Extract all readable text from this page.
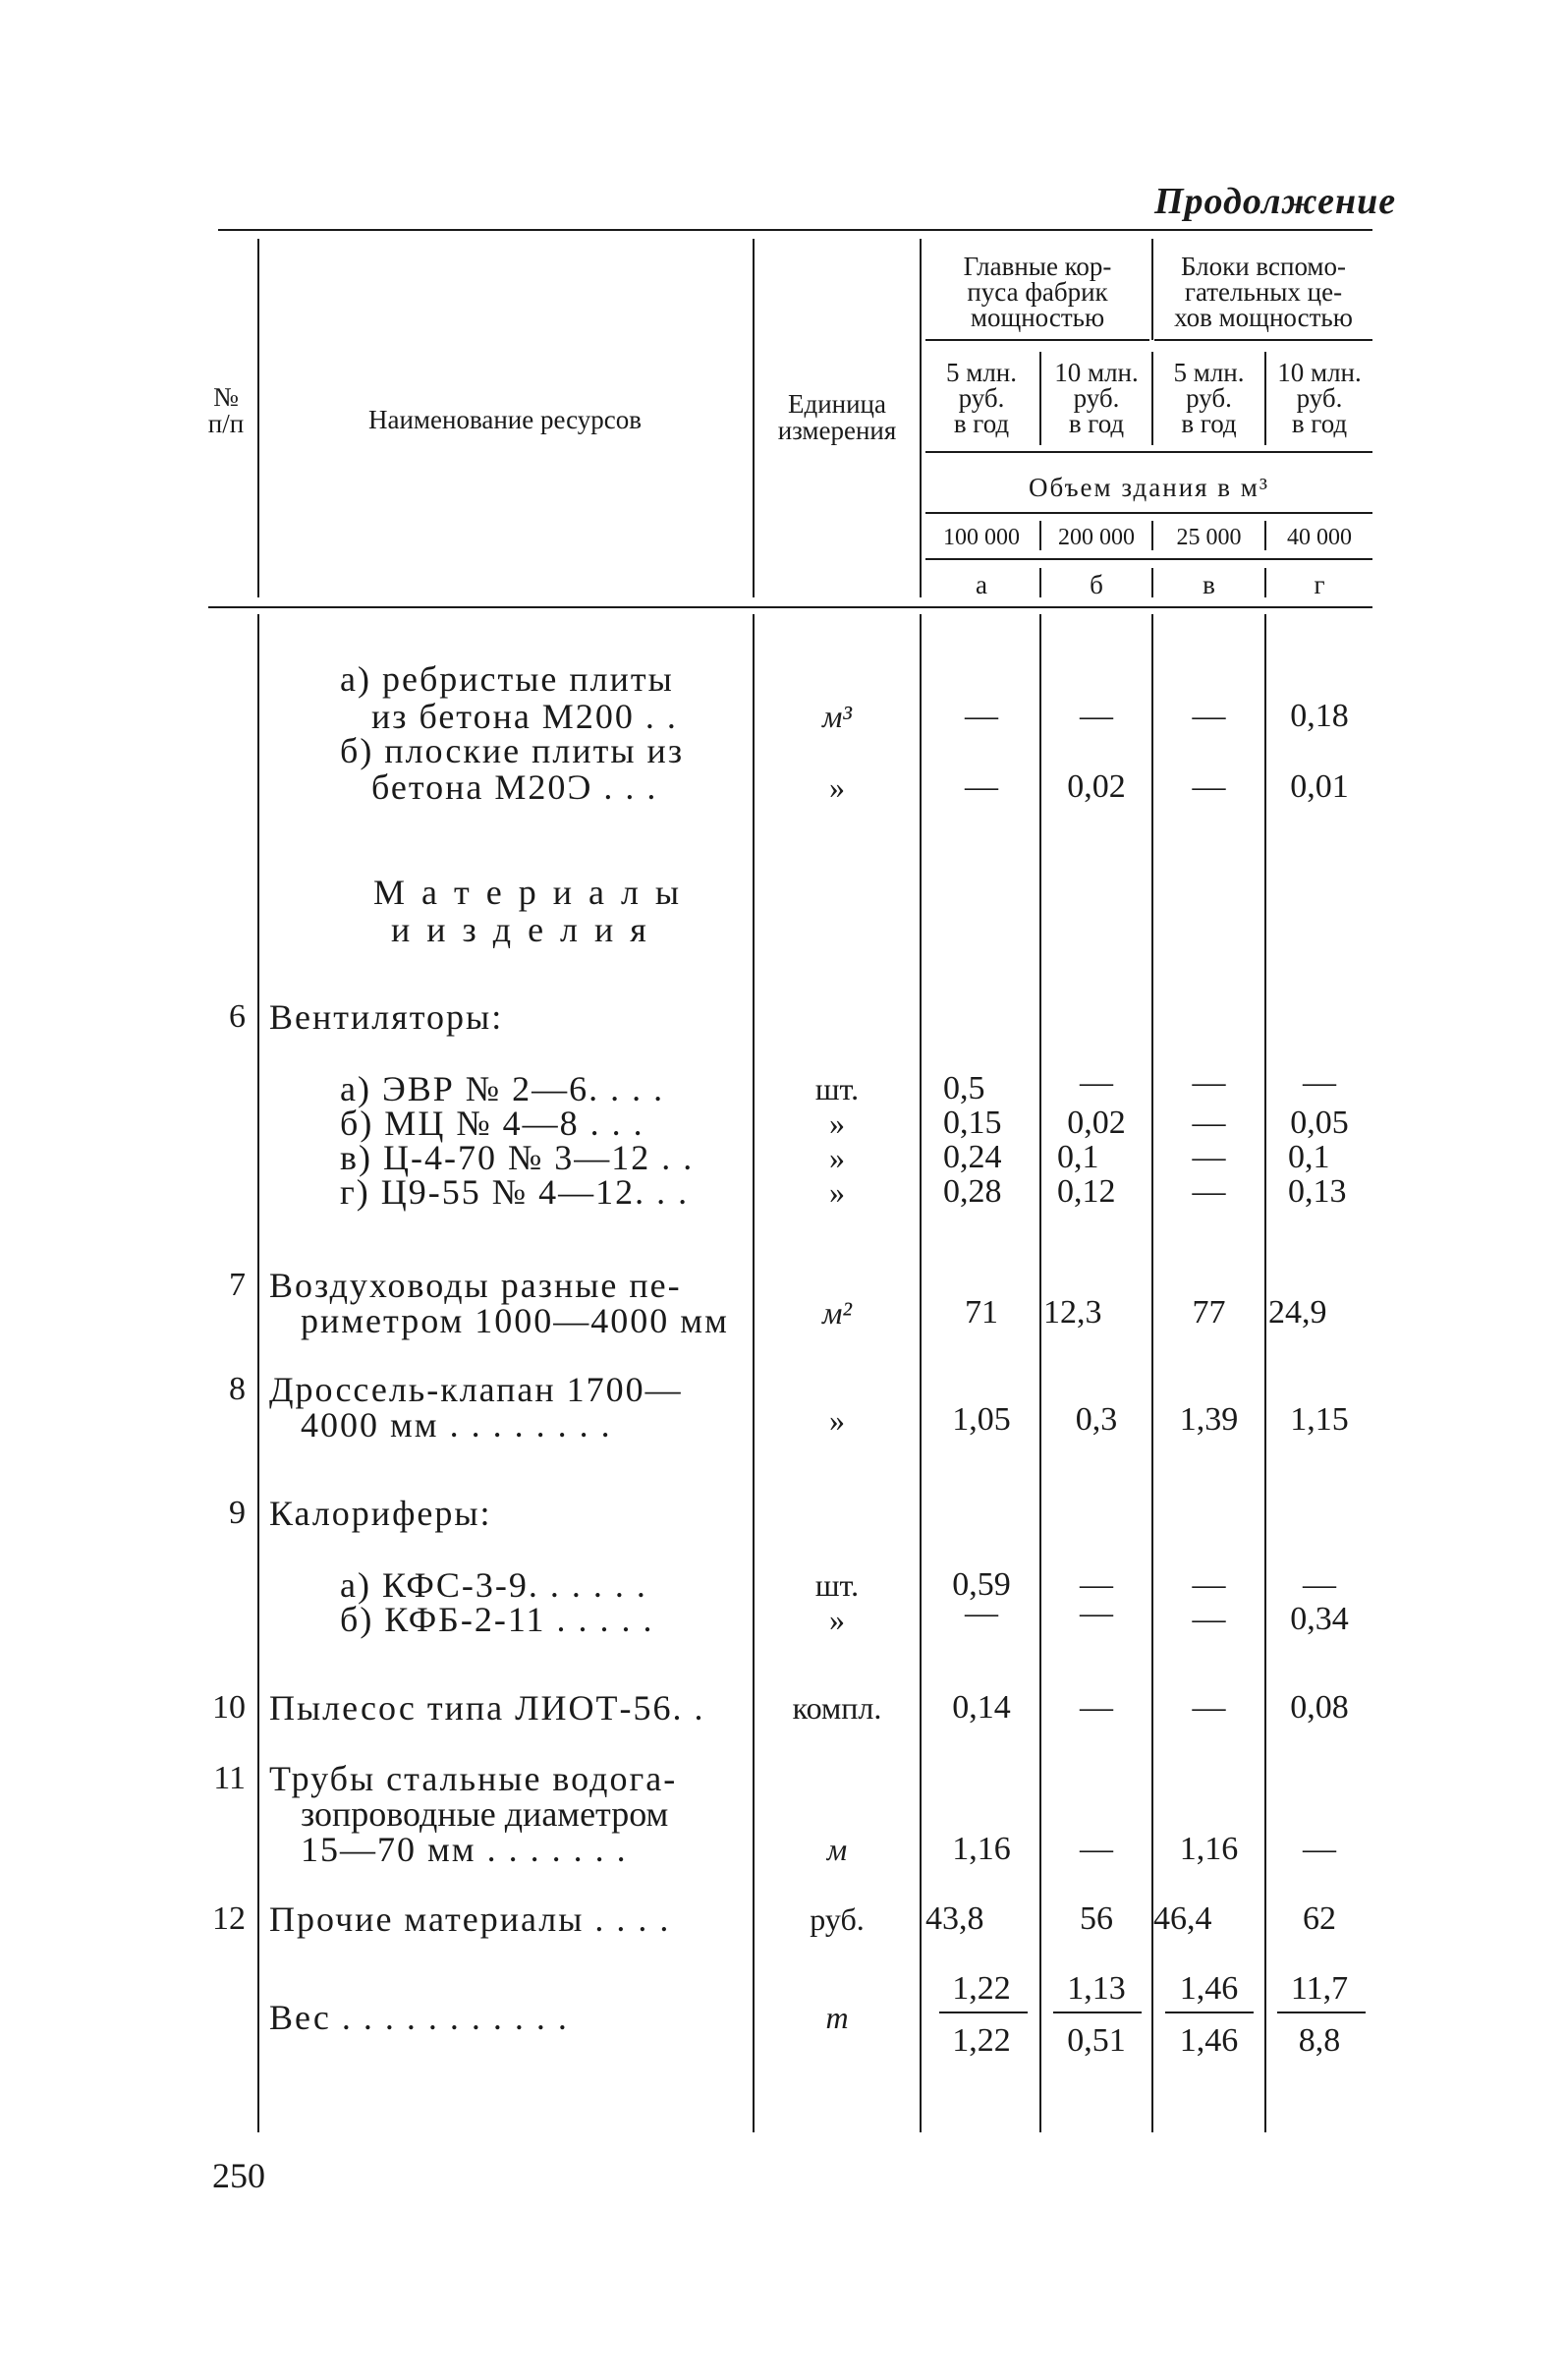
Продолжение
№
п/п	Наименование ресурсов
Единица
измерения
Главные кор-
пуса фабрик
мощностью
Блоки вспомо-
гательных це-
хов мощностью
5 млн.
руб.
в год
10 млн.
руб.
в год
5 млн.
руб.
в год
10 млн.
руб.
в год
Объем здания в м³
100 000	200 000	25 000	40 000
а	б	в	г
а) ребристые плиты
из бетона М200 . .	м³	—	—	—	0,18
б) плоские плиты из
бетона М20Ɔ . . .	»	—	0,02	—	0,01
М а т е р и а л ы
и и з д е л и я
6 Вентиляторы:
а) ЭВР № 2—6. . . .	шт.	0,5	—	—	—
б) МЦ № 4—8 . . .	»	0,15	0,02	—	0,05
в) Ц-4-70 № 3—12 . .	»	0,24	0,1	—	0,1
г) Ц9-55 № 4—12. . .	»	0,28	0,12	—	0,13
7 Воздуховоды разные пе-
риметром 1000—4000 мм	м²	71	12,3	77	24,9
8 Дроссель-клапан 1700—
4000 мм . . . . . . . .	»	1,05	0,3	1,39	1,15
9 Калориферы:
а) КФС-3-9. . . . . .	шт.	0,59	—	—	—
б) КФБ-2-11 . . . . .	»	—	—	—	0,34
10 Пылесос типа ЛИОТ-56. .	компл.	0,14	—	—	0,08
11 Трубы стальные водога-
зопроводные диаметром
15—70 мм . . . . . . .	м	1,16	—	1,16	—
12 Прочие материалы . . . .	руб.	43,8	56	46,4	62
Вес . . . . . . . . . . .	т
1,22	1,13	1,46	11,7
1,22	0,51	1,46	8,8
250
